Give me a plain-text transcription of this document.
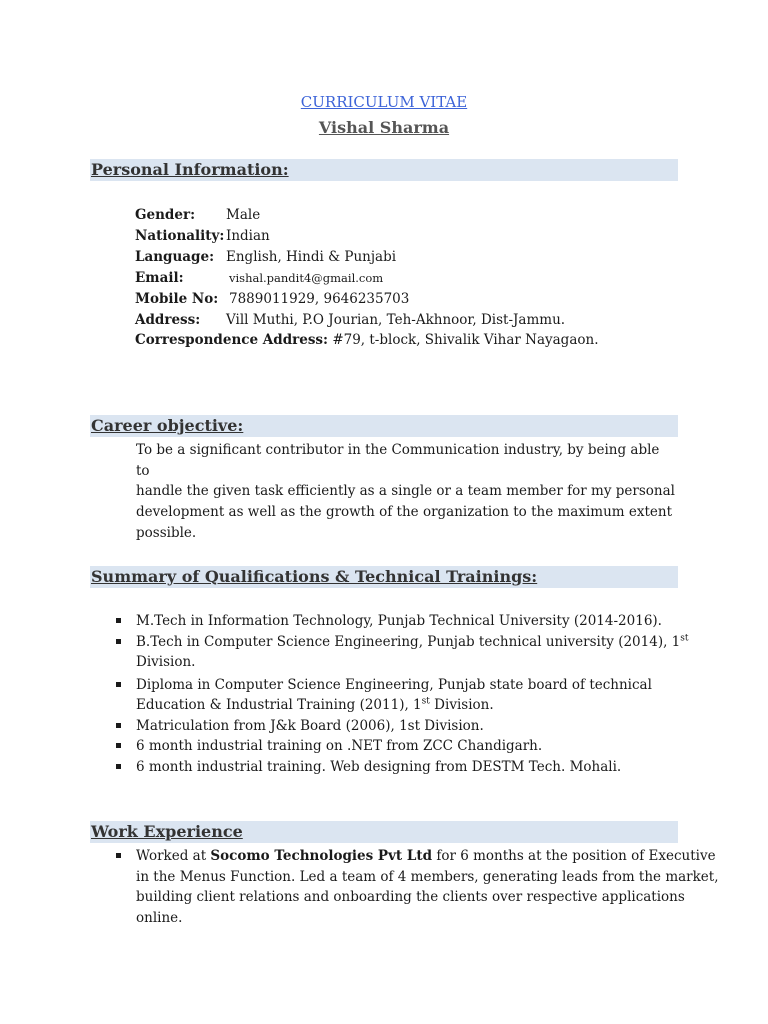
CURRICULUM VITAE
Vishal Sharma
Personal Information:
Gender: Male
Nationality: Indian
Language: English, Hindi & Punjabi
Email:	vishal.pandit4@gmail.com
Mobile No: 7889011929, 9646235703
Address: Vill Muthi, P.O Jourian, Teh-Akhnoor, Dist-Jammu.
Correspondence Address: #79, t-block, Shivalik Vihar Nayagaon.
Career objective:
To be a significant contributor in the Communication industry, by being able to
handle the given task efficiently as a single or a team member for my personal
development as well as the growth of the organization to the maximum extent
possible.
Summary of Qualifications & Technical Trainings:
M.Tech in Information Technology, Punjab Technical University (2014-2016).
B.Tech in Computer Science Engineering, Punjab technical university (2014), 1st
Division.
Diploma in Computer Science Engineering, Punjab state board of technical
Education & Industrial Training (2011), 1st Division.
Matriculation from J&k Board (2006), 1st Division.
6 month industrial training on .NET from ZCC Chandigarh.
6 month industrial training. Web designing from DESTM Tech. Mohali.
Work Experience
Worked at Socomo Technologies Pvt Ltd for 6 months at the position of Executive
in the Menus Function. Led a team of 4 members, generating leads from the market,
building client relations and onboarding the clients over respective applications
online.
